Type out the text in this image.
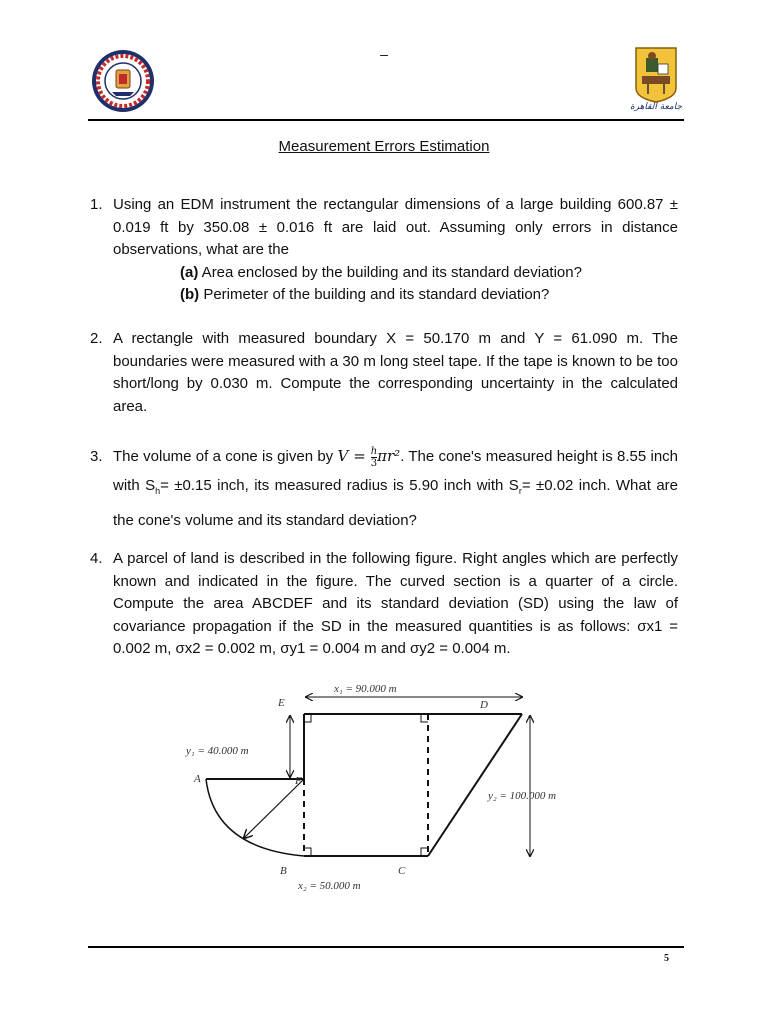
–
جامعة القاهرة
Measurement Errors Estimation
1. Using an EDM instrument the rectangular dimensions of a large building 600.87 ± 0.019 ft by 350.08 ± 0.016 ft are laid out. Assuming only errors in distance observations, what are the
(a) Area enclosed by the building and its standard deviation?
(b) Perimeter of the building and its standard deviation?
2. A rectangle with measured boundary X = 50.170 m and Y = 61.090 m. The boundaries were measured with a 30 m long steel tape. If the tape is known to be too short/long by 0.030 m. Compute the corresponding uncertainty in the calculated area.
3. The volume of a cone is given by $V = \frac{h}{3} \pi r^2$. The cone's measured height is 8.55 inch with $S_h= \pm 0.15$ inch, its measured radius is 5.90 inch with $S_r= \pm 0.02$ inch. What are the cone's volume and its standard deviation?
4. A parcel of land is described in the following figure. Right angles which are perfectly known and indicated in the figure. The curved section is a quarter of a circle. Compute the area ABCDEF and its standard deviation (SD) using the law of covariance propagation if the SD in the measured quantities is as follows: σx1 = 0.002 m, σx2 = 0.002 m, σy1 = 0.004 m and σy2 = 0.004 m.
x₁ = 90.000 m
x₂ = 50.000 m
y₁ = 40.000 m
y₂ = 100.000 m
A
B	C
D
E
F
5
